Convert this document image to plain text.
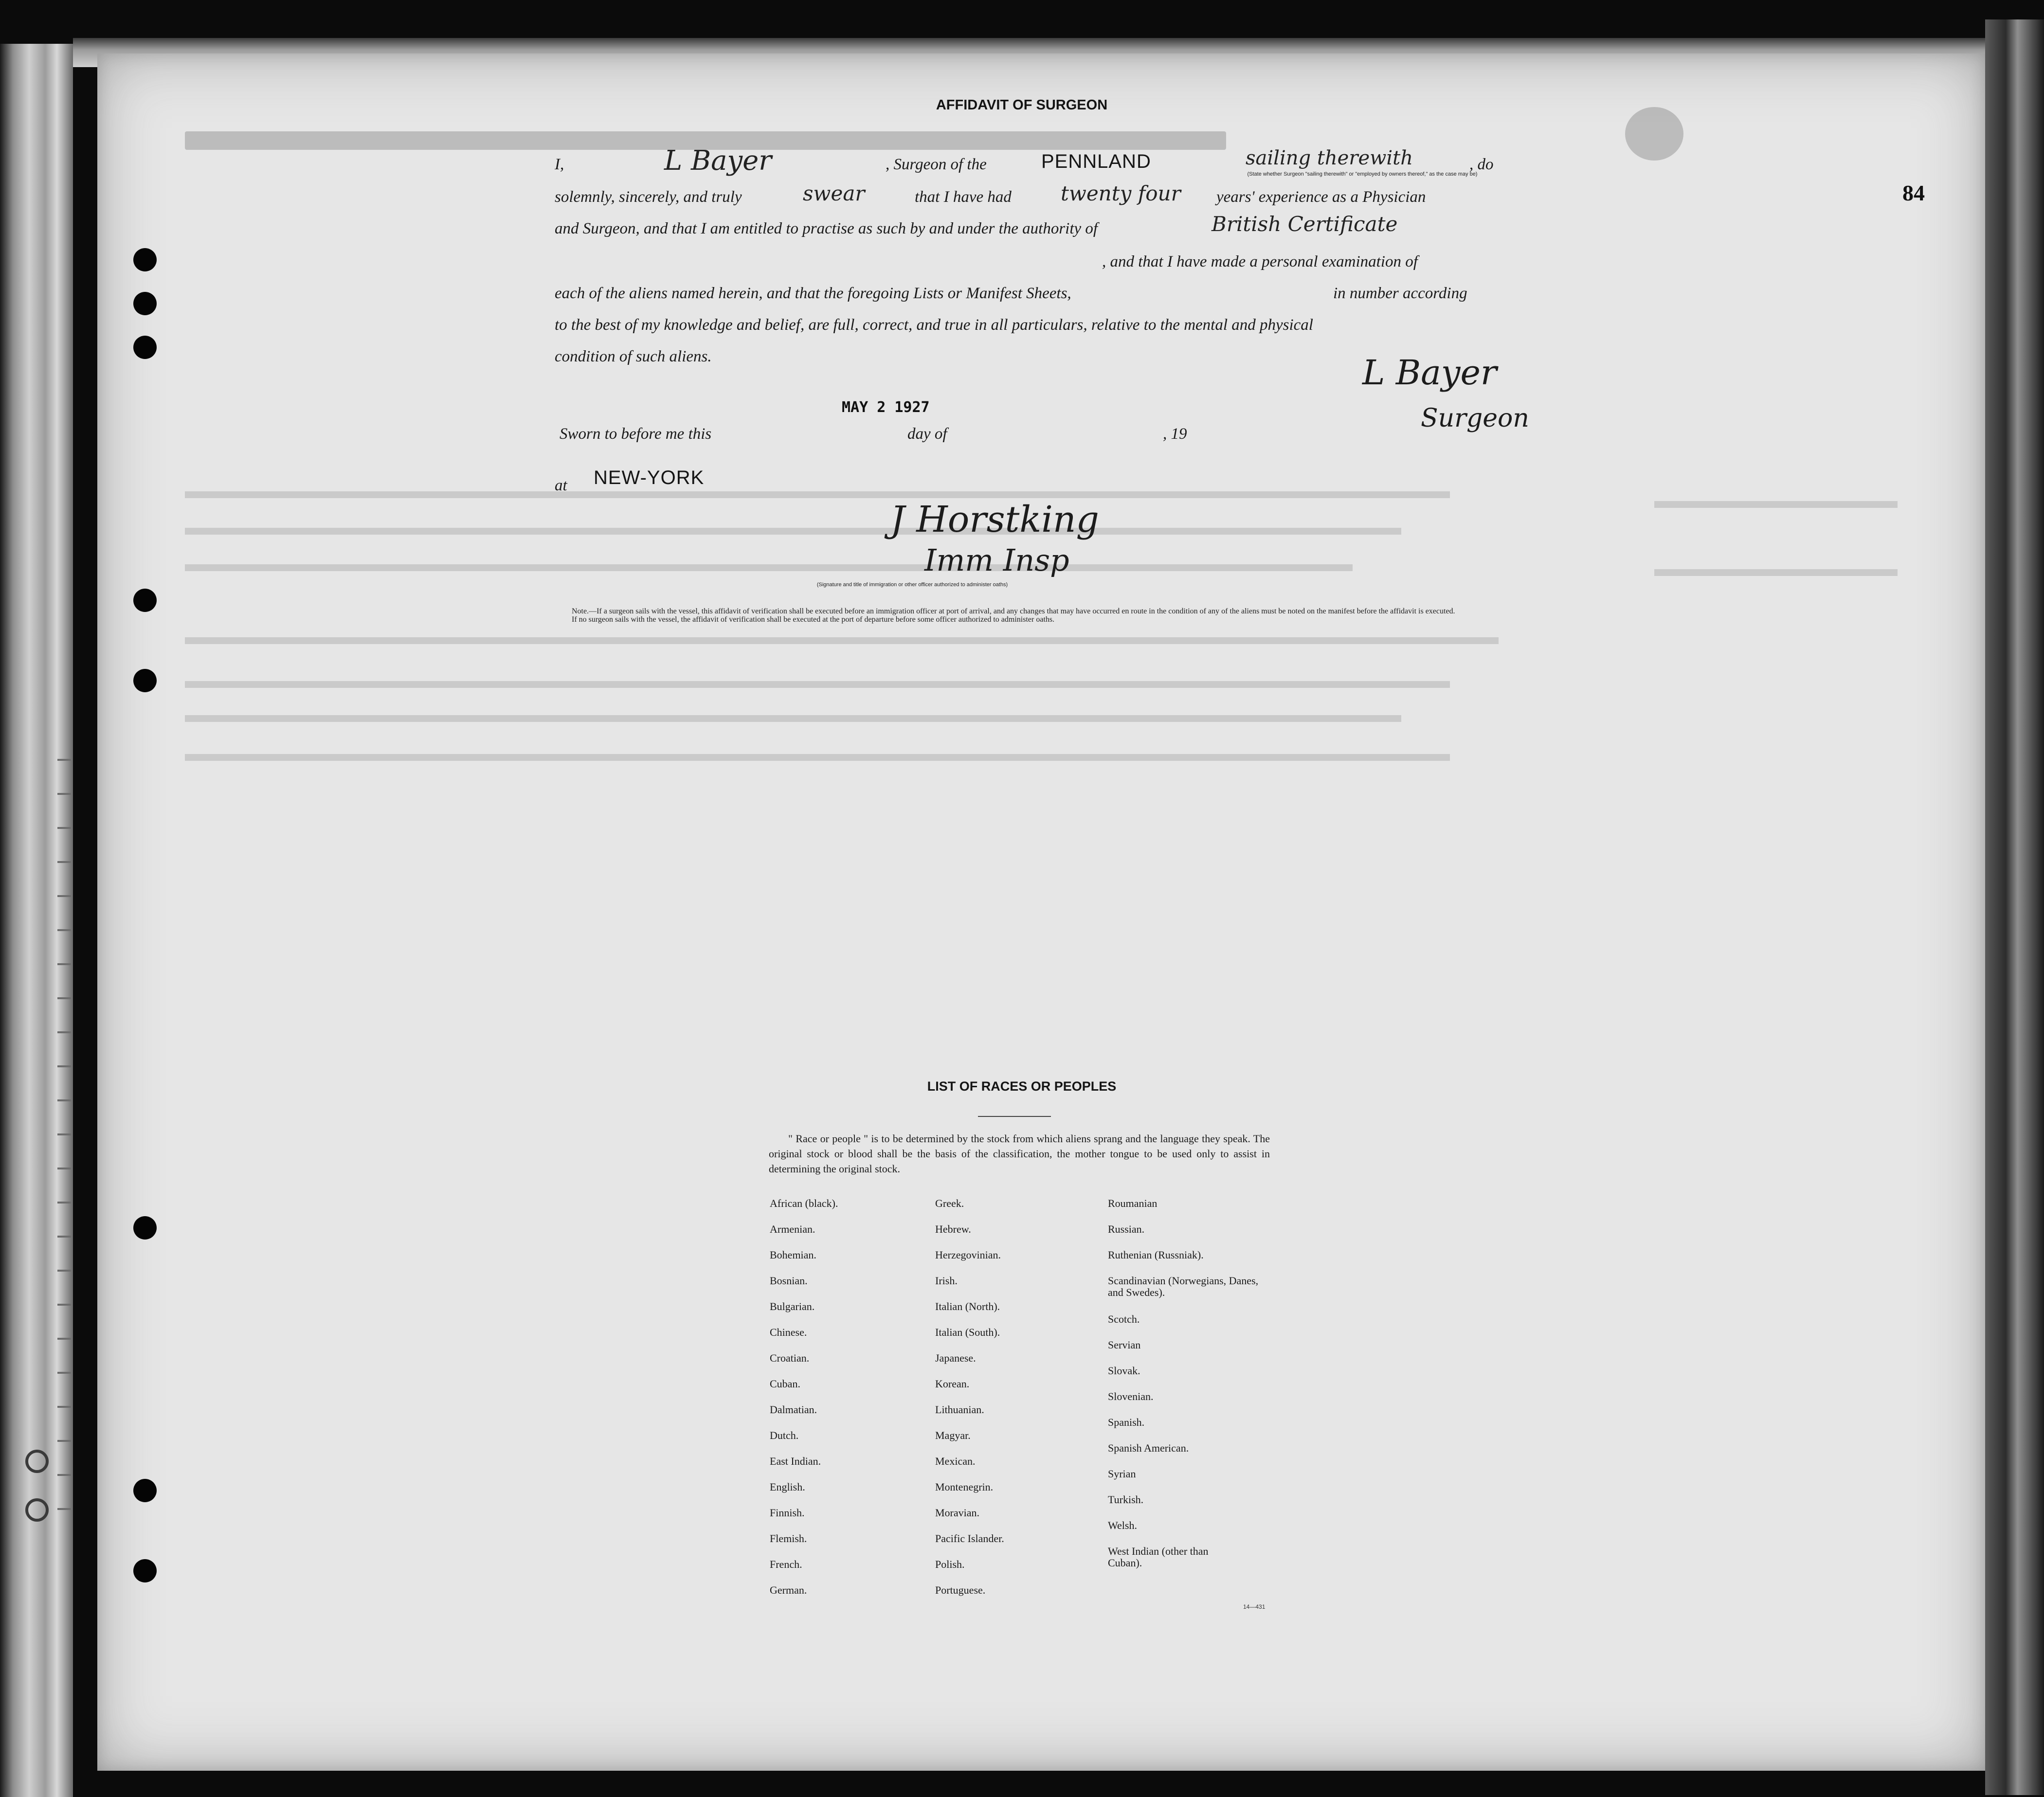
84
AFFIDAVIT OF SURGEON
I,	L Bayer	, Surgeon of the	PENNLAND	sailing therewith
(State whether Surgeon "sailing therewith" or "employed by owners thereof," as the case may be)
, do
solemnly, sincerely, and truly	swear	that I have had twenty four years' experience as a Physician
and Surgeon, and that I am entitled to practise as such by and under the authority of	British Certificate
, and that I have made a personal examination of
each of the aliens named herein, and that the foregoing Lists or Manifest Sheets,	in number according
to the best of my knowledge and belief, are full, correct, and true in all particulars, relative to the mental and physical
condition of such aliens.	L Bayer
Surgeon
Sworn to before me this	day of	, 19
MAY 2 1927
at NEW-YORK
J Horstking
Imm Insp
(Signature and title of immigration or other officer authorized to administer oaths)

Note.—If a surgeon sails with the vessel, this affidavit of verification shall be executed before an immigration officer at port of arrival, and any changes that may have occurred en route in the condition of any of the aliens must be noted on the manifest before the affidavit is executed.

If no surgeon sails with the vessel, the affidavit of verification shall be executed at the port of departure before some officer authorized to administer oaths.

LIST OF RACES OR PEOPLES

" Race or people " is to be determined by the stock from which aliens sprang and the language they speak. The original stock or blood shall be the basis of the classification, the mother tongue to be used only to assist in determining the original stock.

African (black).
Armenian.
Bohemian.
Bosnian.
Bulgarian.
Chinese.
Croatian.
Cuban.
Dalmatian.
Dutch.
East Indian.
English.
Finnish.
Flemish.
French.
German.
Greek.
Hebrew.
Herzegovinian.
Irish.
Italian (North).
Italian (South).
Japanese.
Korean.
Lithuanian.
Magyar.
Mexican.
Montenegrin.
Moravian.
Pacific Islander.
Polish.
Portuguese.
Roumanian
Russian.
Ruthenian (Russniak).
Scandinavian (Norwegians, Danes, and Swedes).
Scotch.
Servian
Slovak.
Slovenian.
Spanish.
Spanish American.
Syrian
Turkish.
Welsh.
West Indian (other than Cuban).
14—431
